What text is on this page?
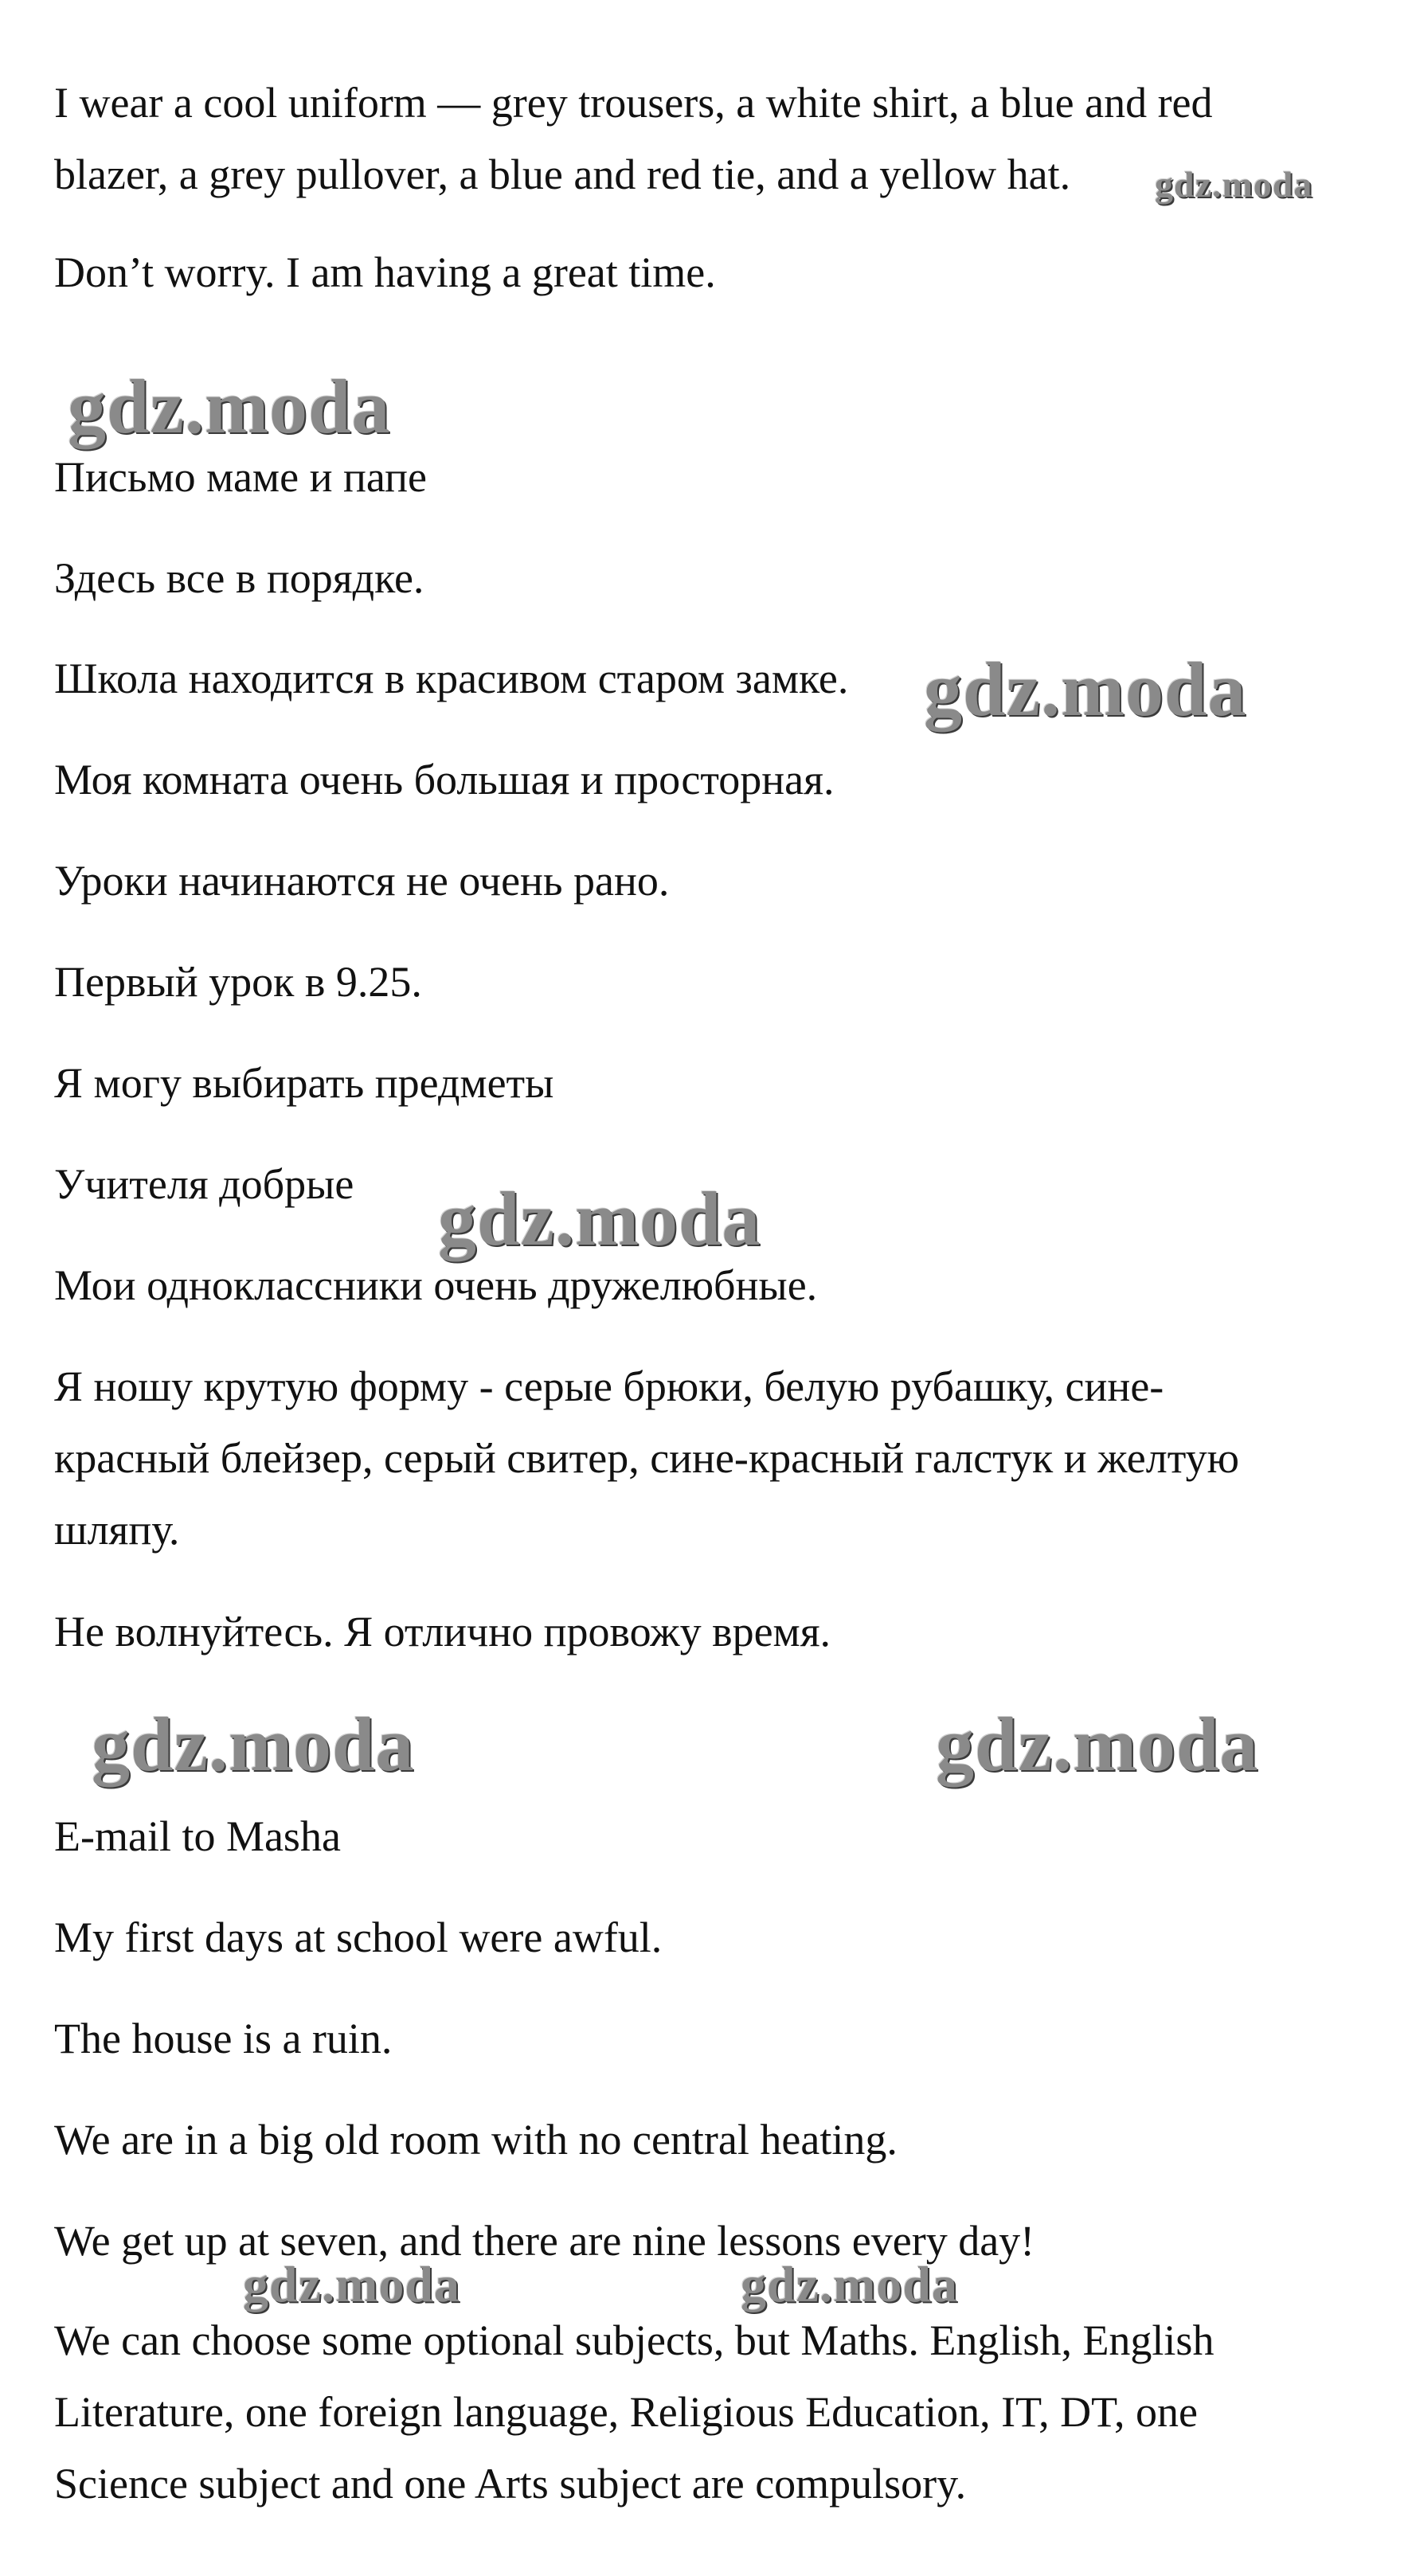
I wear a cool uniform — grey trousers, a white shirt, a blue and red

blazer, a grey pullover, a blue and red tie, and a yellow hat.

Don’t worry. I am having a great time.

Письмо маме и папе

Здесь все в порядке.

Школа находится в красивом старом замке.

Моя комната очень большая и просторная.

Уроки начинаются не очень рано.

Первый урок в 9.25.

Я могу выбирать предметы

Учителя добрые

Мои одноклассники очень дружелюбные.

Я ношу крутую форму - серые брюки, белую рубашку, сине-

красный блейзер, серый свитер, сине-красный галстук и желтую

шляпу.

Не волнуйтесь. Я отлично провожу время.

E-mail to Masha

My first days at school were awful.

The house is a ruin.

We are in a big old room with no central heating.

We get up at seven, and there are nine lessons every day!

We can choose some optional subjects, but Maths. English, English

Literature, one foreign language, Religious Education, IT, DT, one

Science subject and one Arts subject are compulsory.

gdz.moda
gdz.moda
gdz.moda
gdz.moda
gdz.moda	gdz.moda
gdz.moda	gdz.moda
